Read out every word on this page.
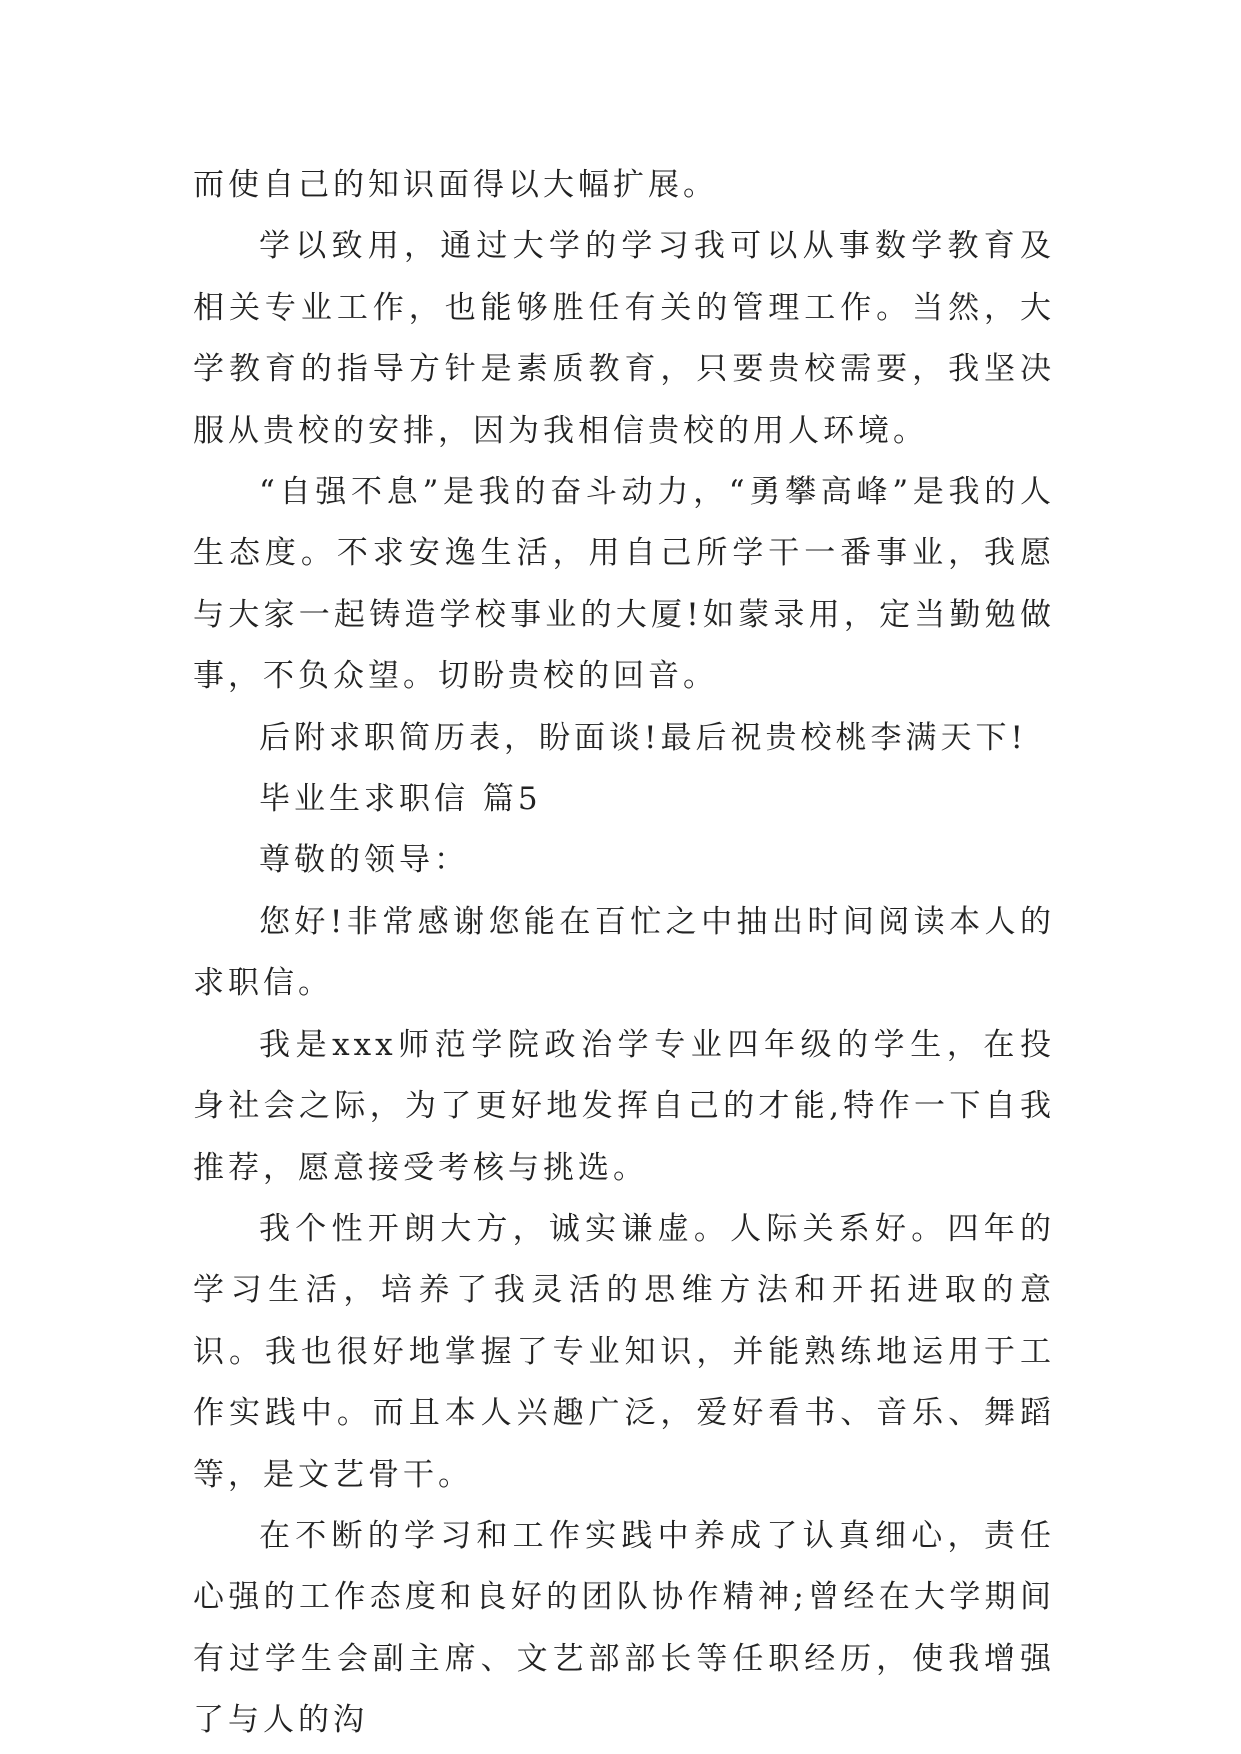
而使自己的知识面得以大幅扩展。

学以致用，通过大学的学习我可以从事数学教育及相关专业工作，也能够胜任有关的管理工作。当然，大学教育的指导方针是素质教育，只要贵校需要，我坚决服从贵校的安排，因为我相信贵校的用人环境。

“自强不息”是我的奋斗动力，“勇攀高峰”是我的人生态度。不求安逸生活，用自己所学干一番事业，我愿与大家一起铸造学校事业的大厦!如蒙录用，定当勤勉做事，不负众望。切盼贵校的回音。

后附求职简历表，盼面谈!最后祝贵校桃李满天下!

毕业生求职信 篇5

尊敬的领导：

您好!非常感谢您能在百忙之中抽出时间阅读本人的求职信。

我是xxx师范学院政治学专业四年级的学生，在投身社会之际，为了更好地发挥自己的才能,特作一下自我推荐，愿意接受考核与挑选。

我个性开朗大方，诚实谦虚。人际关系好。四年的学习生活，培养了我灵活的思维方法和开拓进取的意识。我也很好地掌握了专业知识，并能熟练地运用于工作实践中。而且本人兴趣广泛，爱好看书、音乐、舞蹈等，是文艺骨干。

在不断的学习和工作实践中养成了认真细心，责任心强的工作态度和良好的团队协作精神;曾经在大学期间有过学生会副主席、文艺部部长等任职经历，使我增强了与人的沟
